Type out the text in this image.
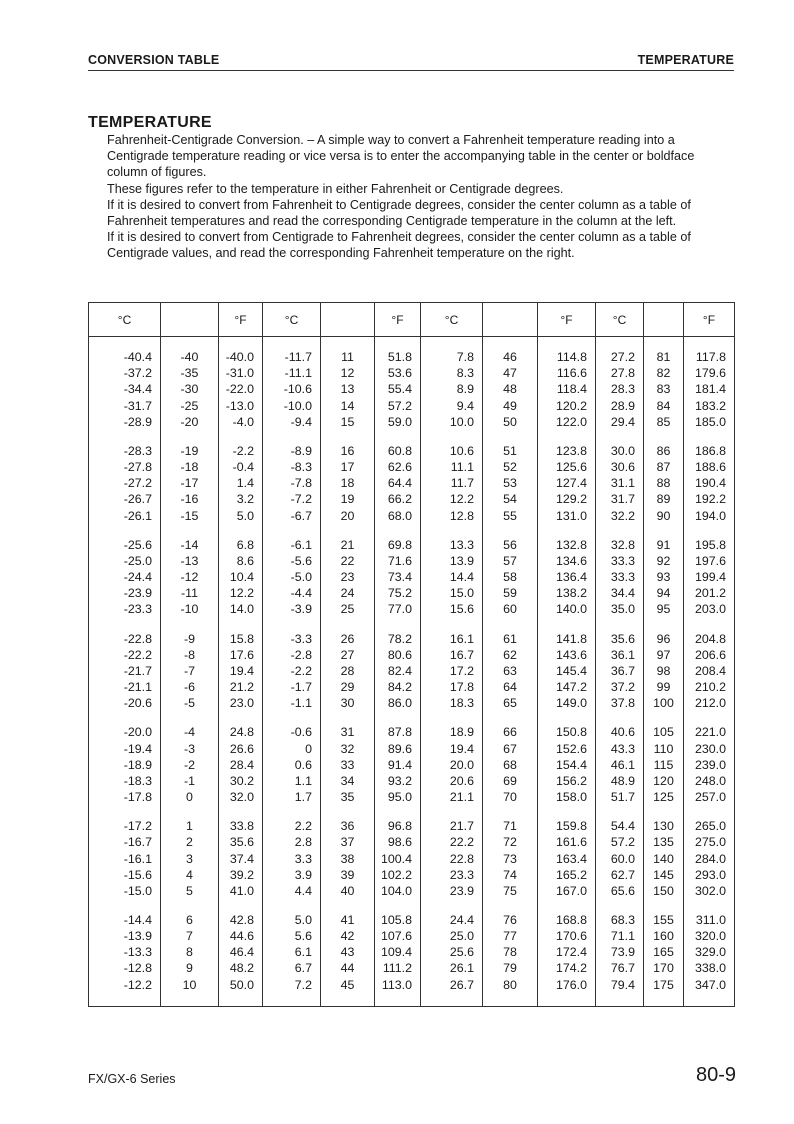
CONVERSION TABLE	TEMPERATURE
TEMPERATURE

Fahrenheit-Centigrade Conversion. – A simple way to convert a Fahrenheit temperature reading into a Centigrade temperature reading or vice versa is to enter the accompanying table in the center or boldface column of figures.

These figures refer to the temperature in either Fahrenheit or Centigrade degrees.

If it is desired to convert from Fahrenheit to Centigrade degrees, consider the center column as a table of Fahrenheit temperatures and read the corresponding Centigrade temperature in the column at the left.

If it is desired to convert from Centigrade to Fahrenheit degrees, consider the center column as a table of Centigrade values, and read the corresponding Fahrenheit temperature on the right.

°C		°F	°C		°F	°C		°F	°C		°F

-40.4	-40	-40.0	-11.7	11	51.8	7.8	46	114.8	27.2	81	117.8
-37.2	-35	-31.0	-11.1	12	53.6	8.3	47	116.6	27.8	82	179.6
-34.4	-30	-22.0	-10.6	13	55.4	8.9	48	118.4	28.3	83	181.4
-31.7	-25	-13.0	-10.0	14	57.2	9.4	49	120.2	28.9	84	183.2
-28.9	-20	-4.0	-9.4	15	59.0	10.0	50	122.0	29.4	85	185.0

-28.3	-19	-2.2	-8.9	16	60.8	10.6	51	123.8	30.0	86	186.8
-27.8	-18	-0.4	-8.3	17	62.6	11.1	52	125.6	30.6	87	188.6
-27.2	-17	1.4	-7.8	18	64.4	11.7	53	127.4	31.1	88	190.4
-26.7	-16	3.2	-7.2	19	66.2	12.2	54	129.2	31.7	89	192.2
-26.1	-15	5.0	-6.7	20	68.0	12.8	55	131.0	32.2	90	194.0

-25.6	-14	6.8	-6.1	21	69.8	13.3	56	132.8	32.8	91	195.8
-25.0	-13	8.6	-5.6	22	71.6	13.9	57	134.6	33.3	92	197.6
-24.4	-12	10.4	-5.0	23	73.4	14.4	58	136.4	33.3	93	199.4
-23.9	-11	12.2	-4.4	24	75.2	15.0	59	138.2	34.4	94	201.2
-23.3	-10	14.0	-3.9	25	77.0	15.6	60	140.0	35.0	95	203.0

-22.8	-9	15.8	-3.3	26	78.2	16.1	61	141.8	35.6	96	204.8
-22.2	-8	17.6	-2.8	27	80.6	16.7	62	143.6	36.1	97	206.6
-21.7	-7	19.4	-2.2	28	82.4	17.2	63	145.4	36.7	98	208.4
-21.1	-6	21.2	-1.7	29	84.2	17.8	64	147.2	37.2	99	210.2
-20.6	-5	23.0	-1.1	30	86.0	18.3	65	149.0	37.8	100	212.0

-20.0	-4	24.8	-0.6	31	87.8	18.9	66	150.8	40.6	105	221.0
-19.4	-3	26.6	0	32	89.6	19.4	67	152.6	43.3	110	230.0
-18.9	-2	28.4	0.6	33	91.4	20.0	68	154.4	46.1	115	239.0
-18.3	-1	30.2	1.1	34	93.2	20.6	69	156.2	48.9	120	248.0
-17.8	0	32.0	1.7	35	95.0	21.1	70	158.0	51.7	125	257.0

-17.2	1	33.8	2.2	36	96.8	21.7	71	159.8	54.4	130	265.0
-16.7	2	35.6	2.8	37	98.6	22.2	72	161.6	57.2	135	275.0
-16.1	3	37.4	3.3	38	100.4	22.8	73	163.4	60.0	140	284.0
-15.6	4	39.2	3.9	39	102.2	23.3	74	165.2	62.7	145	293.0
-15.0	5	41.0	4.4	40	104.0	23.9	75	167.0	65.6	150	302.0

-14.4	6	42.8	5.0	41	105.8	24.4	76	168.8	68.3	155	311.0
-13.9	7	44.6	5.6	42	107.6	25.0	77	170.6	71.1	160	320.0
-13.3	8	46.4	6.1	43	109.4	25.6	78	172.4	73.9	165	329.0
-12.8	9	48.2	6.7	44	111.2	26.1	79	174.2	76.7	170	338.0
-12.2	10	50.0	7.2	45	113.0	26.7	80	176.0	79.4	175	347.0

FX/GX-6 Series	80-9
